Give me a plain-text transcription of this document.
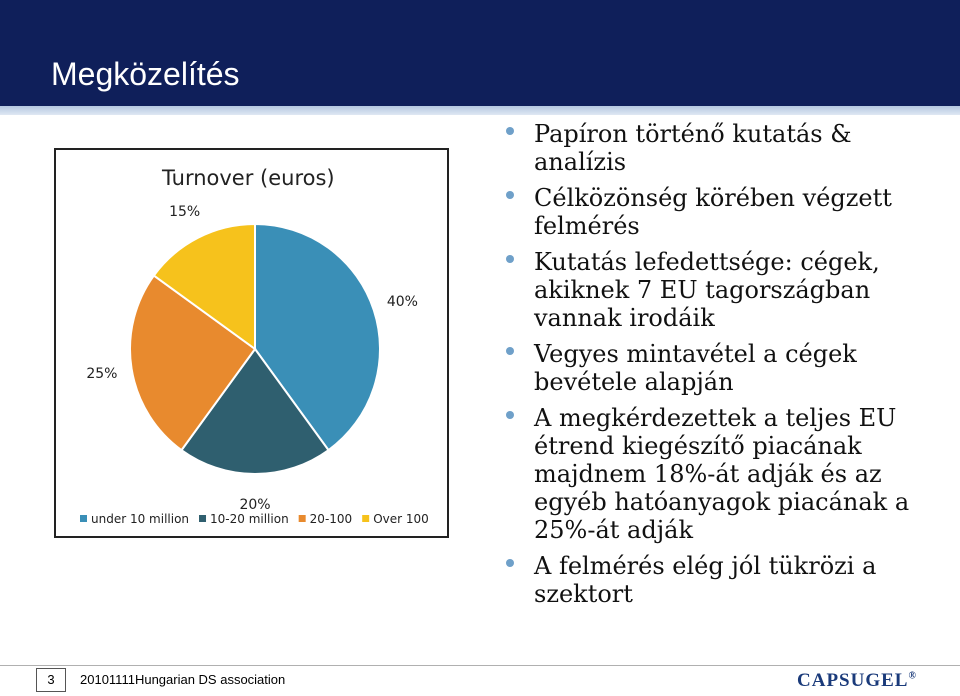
Megközelítés
Turnover (euros)
40%
20%
25%
15%
under 10 million 10-20 million 20-100 Over 100
Papíron történő kutatás & analízis
Célközönség körében végzett felmérés
Kutatás lefedettsége: cégek, akiknek 7 EU tagországban vannak irodáik
Vegyes mintavétel a cégek bevétele alapján
A megkérdezettek a teljes EU étrend kiegészítő piacának majdnem 18%-át adják és az egyéb hatóanyagok piacának a 25%-át adják
A felmérés elég jól tükrözi a szektort
3	20101111Hungarian DS association	CAPSUGEL®
